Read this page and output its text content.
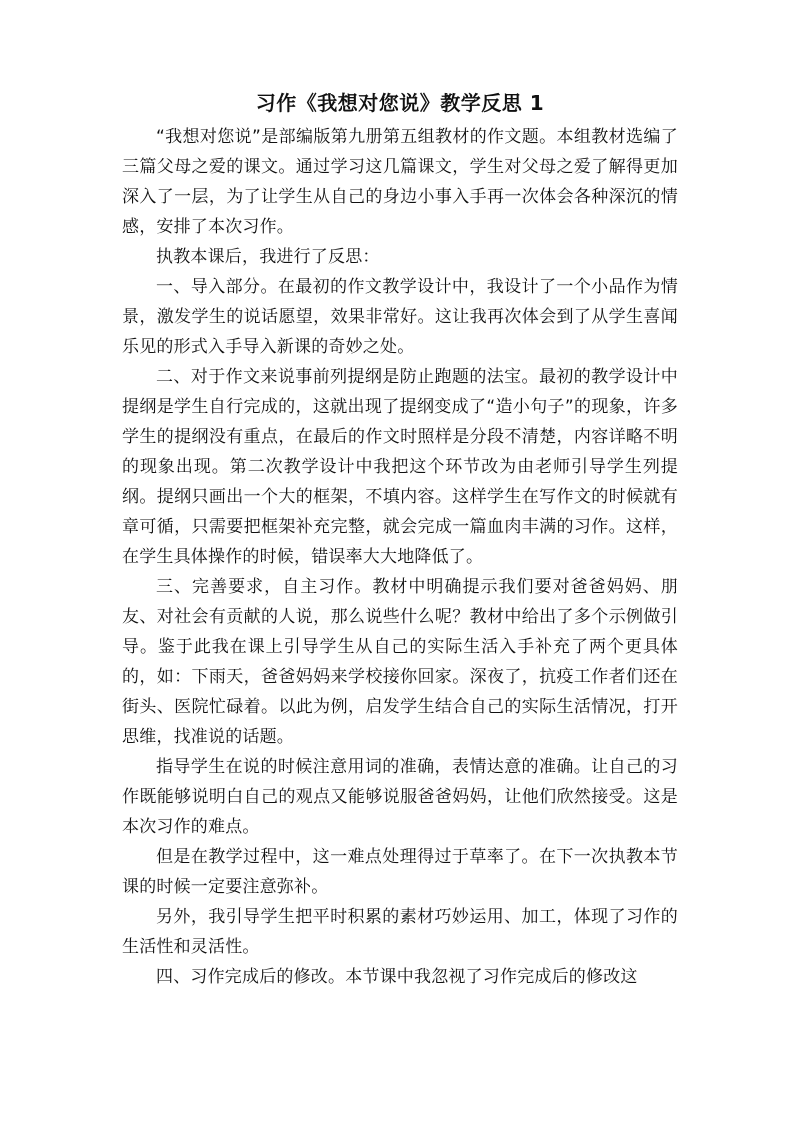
习作《我想对您说》教学反思 1

“我想对您说”是部编版第九册第五组教材的作文题。本组教材选编了三篇父母之爱的课文。通过学习这几篇课文，学生对父母之爱了解得更加深入了一层，为了让学生从自己的身边小事入手再一次体会各种深沉的情感，安排了本次习作。

执教本课后，我进行了反思：

一、导入部分。在最初的作文教学设计中，我设计了一个小品作为情景，激发学生的说话愿望，效果非常好。这让我再次体会到了从学生喜闻乐见的形式入手导入新课的奇妙之处。

二、对于作文来说事前列提纲是防止跑题的法宝。最初的教学设计中提纲是学生自行完成的，这就出现了提纲变成了“造小句子”的现象，许多学生的提纲没有重点，在最后的作文时照样是分段不清楚，内容详略不明的现象出现。第二次教学设计中我把这个环节改为由老师引导学生列提纲。提纲只画出一个大的框架，不填内容。这样学生在写作文的时候就有章可循，只需要把框架补充完整，就会完成一篇血肉丰满的习作。这样，在学生具体操作的时候，错误率大大地降低了。

三、完善要求，自主习作。教材中明确提示我们要对爸爸妈妈、朋友、对社会有贡献的人说，那么说些什么呢？教材中给出了多个示例做引导。鉴于此我在课上引导学生从自己的实际生活入手补充了两个更具体的，如：下雨天，爸爸妈妈来学校接你回家。深夜了，抗疫工作者们还在街头、医院忙碌着。以此为例，启发学生结合自己的实际生活情况，打开思维，找准说的话题。

指导学生在说的时候注意用词的准确，表情达意的准确。让自己的习作既能够说明白自己的观点又能够说服爸爸妈妈，让他们欣然接受。这是本次习作的难点。

但是在教学过程中，这一难点处理得过于草率了。在下一次执教本节课的时候一定要注意弥补。

另外，我引导学生把平时积累的素材巧妙运用、加工，体现了习作的生活性和灵活性。

四、习作完成后的修改。本节课中我忽视了习作完成后的修改这
